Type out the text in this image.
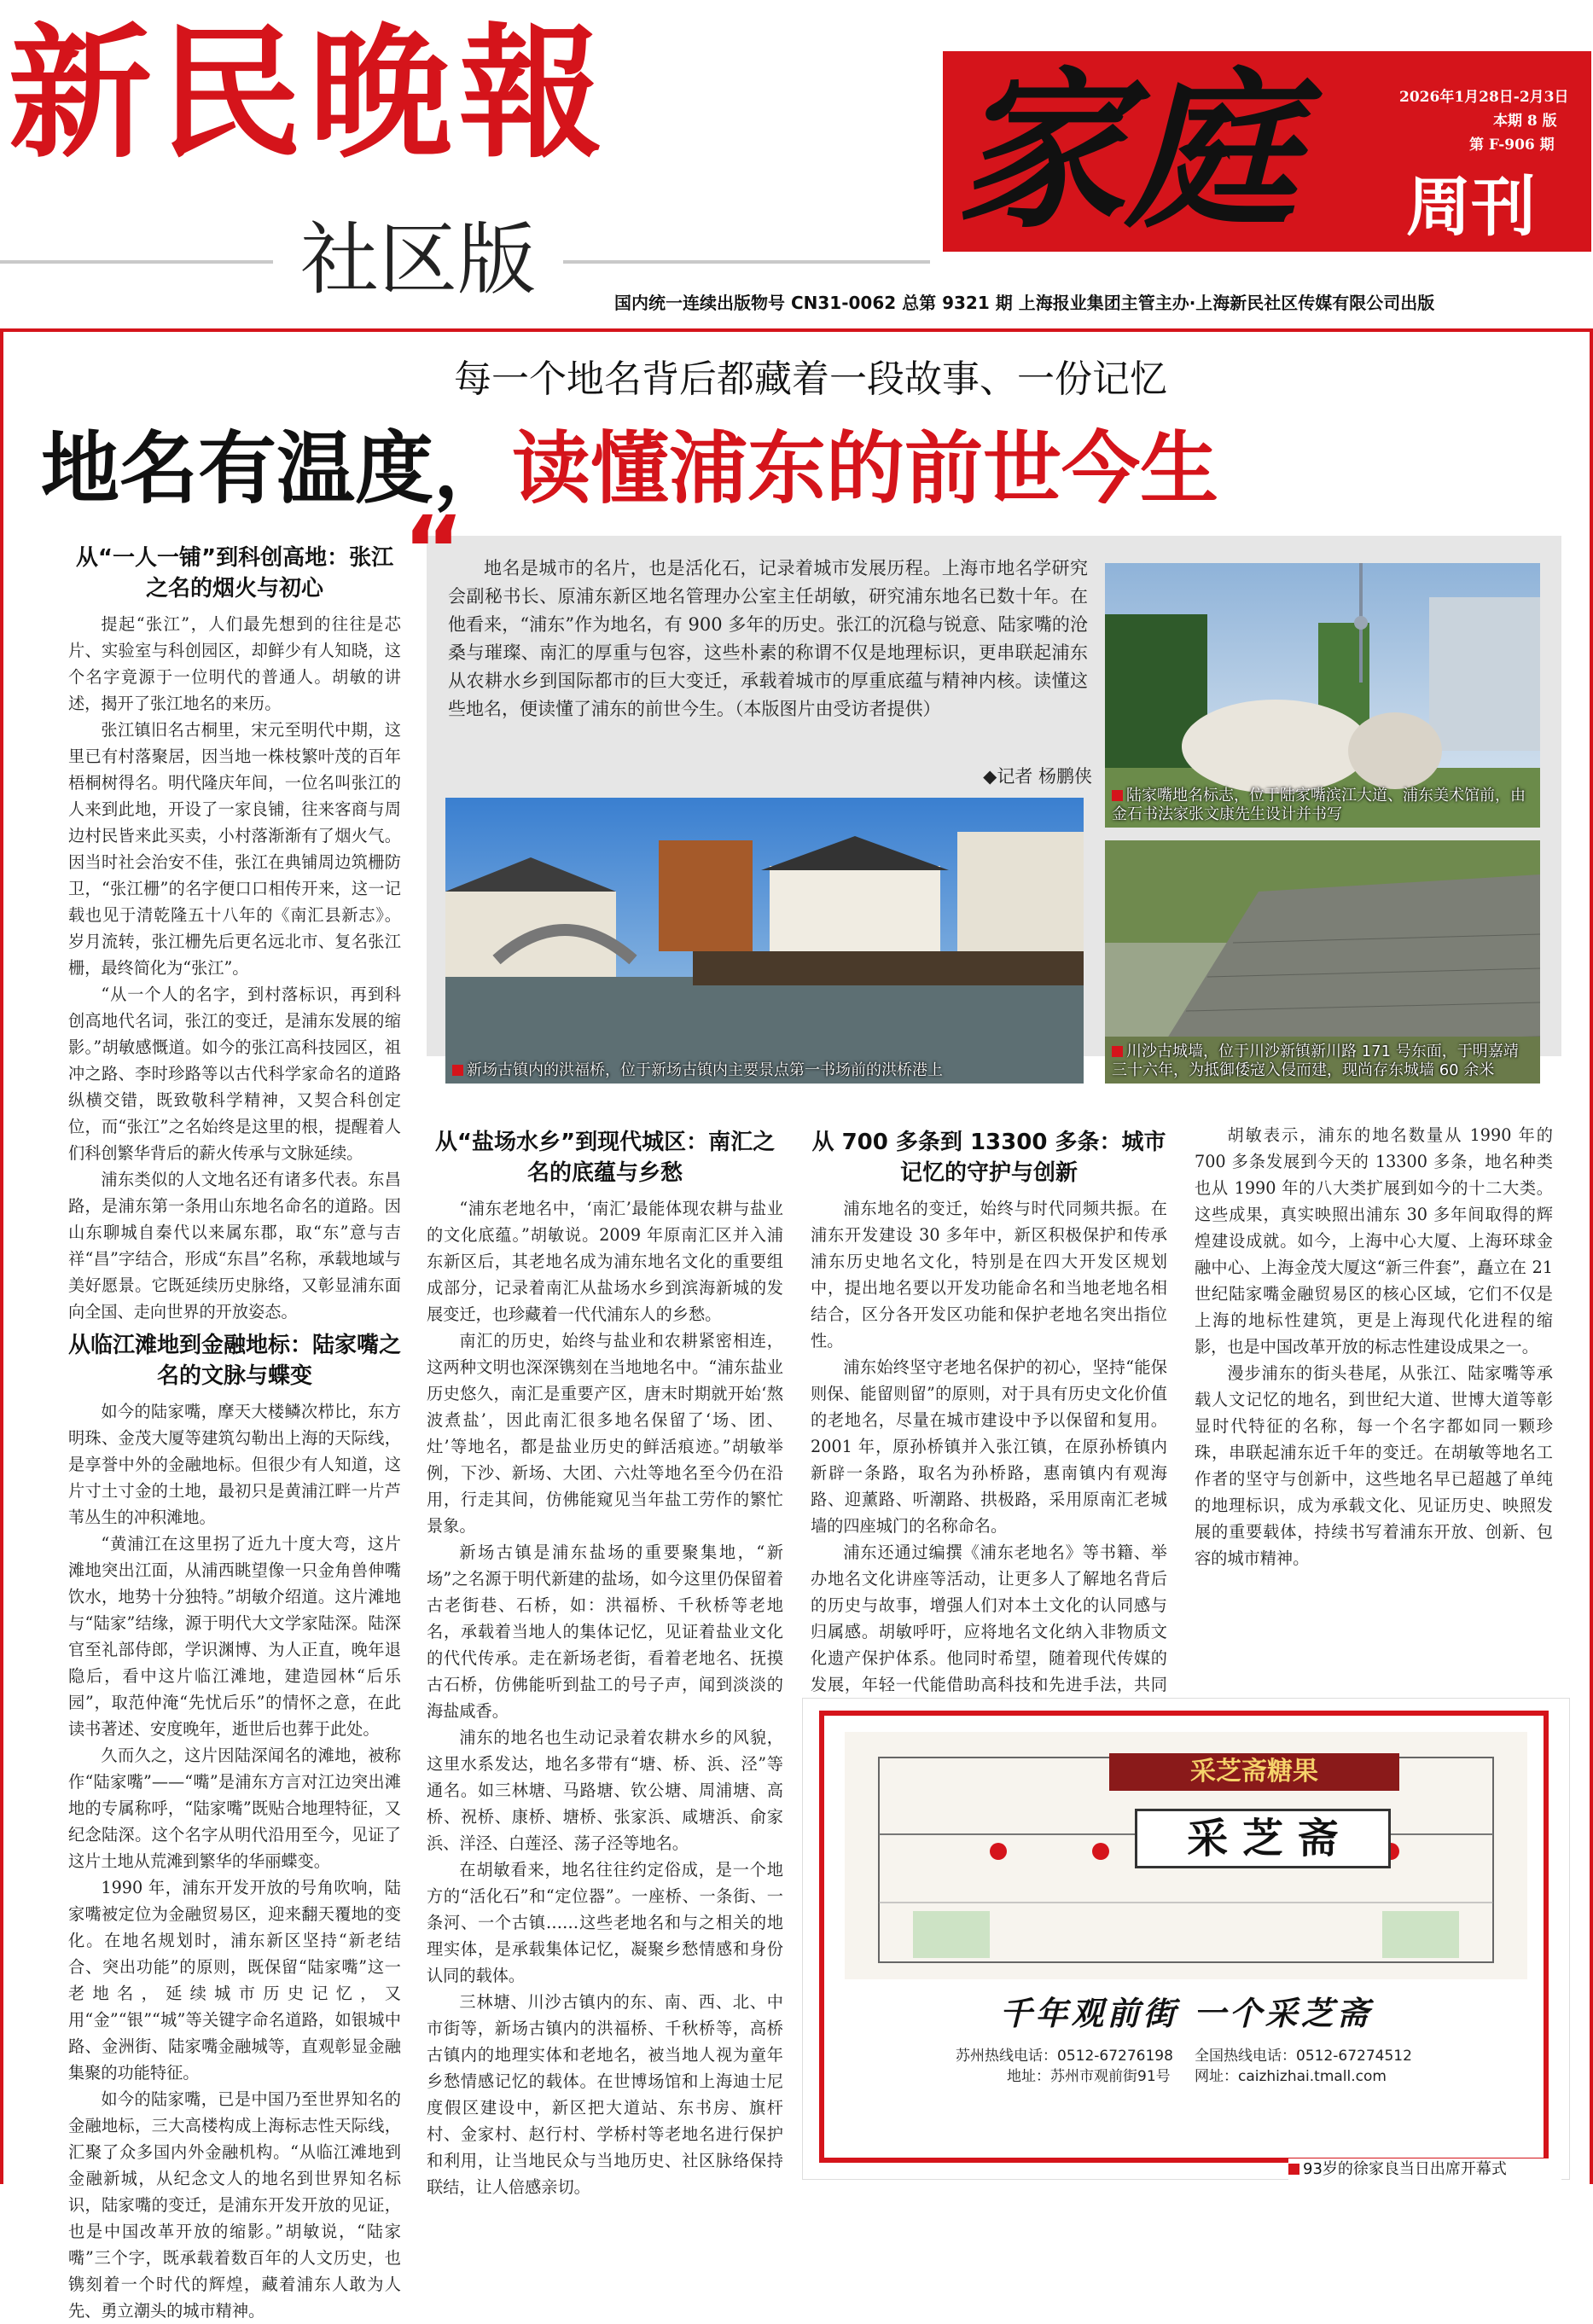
新民晚報
社区版
家庭	周刊
2026年1月28日-2月3日
本期 8 版
第 F-906 期
国内统一连续出版物号 CN31-0062 总第 9321 期 上海报业集团主管主办·上海新民社区传媒有限公司出版
每一个地名背后都藏着一段故事、一份记忆
地名有温度，读懂浦东的前世今生
“	地名是城市的名片，也是活化石，记录着城市发展历程。上海市地名学研究会副秘书长、原浦东新区地名管理办公室主任胡敏，研究浦东地名已数十年。在他看来，“浦东”作为地名，有 900 多年的历史。张江的沉稳与锐意、陆家嘴的沧桑与璀璨、南汇的厚重与包容，这些朴素的称谓不仅是地理标识，更串联起浦东从农耕水乡到国际都市的巨大变迁，承载着城市的厚重底蕴与精神内核。读懂这些地名，便读懂了浦东的前世今生。（本版图片由受访者提供）
◆记者 杨鹏侠
陆家嘴地名标志，位于陆家嘴滨江大道、浦东美术馆前，由金石书法家张文康先生设计并书写
新场古镇内的洪福桥，位于新场古镇内主要景点第一书场前的洪桥港上
川沙古城墙，位于川沙新镇新川路 171 号东面，于明嘉靖三十六年，为抵御倭寇入侵而建，现尚存东城墙 60 余米
从“一人一铺”到科创高地：张江之名的烟火与初心

提起“张江”，人们最先想到的往往是芯片、实验室与科创园区，却鲜少有人知晓，这个名字竟源于一位明代的普通人。胡敏的讲述，揭开了张江地名的来历。

张江镇旧名古桐里，宋元至明代中期，这里已有村落聚居，因当地一株枝繁叶茂的百年梧桐树得名。明代隆庆年间，一位名叫张江的人来到此地，开设了一家良铺，往来客商与周边村民皆来此买卖，小村落渐渐有了烟火气。因当时社会治安不佳，张江在典铺周边筑栅防卫，“张江栅”的名字便口口相传开来，这一记载也见于清乾隆五十八年的《南汇县新志》。岁月流转，张江栅先后更名远北市、复名张江栅，最终简化为“张江”。

“从一个人的名字，到村落标识，再到科创高地代名词，张江的变迁，是浦东发展的缩影。”胡敏感慨道。如今的张江高科技园区，祖冲之路、李时珍路等以古代科学家命名的道路纵横交错，既致敬科学精神，又契合科创定位，而“张江”之名始终是这里的根，提醒着人们科创繁华背后的薪火传承与文脉延续。

浦东类似的人文地名还有诸多代表。东昌路，是浦东第一条用山东地名命名的道路。因山东聊城自秦代以来属东郡，取“东”意与吉祥“昌”字结合，形成“东昌”名称，承载地域与美好愿景。它既延续历史脉络，又彰显浦东面向全国、走向世界的开放姿态。

从临江滩地到金融地标：陆家嘴之名的文脉与蝶变

如今的陆家嘴，摩天大楼鳞次栉比，东方明珠、金茂大厦等建筑勾勒出上海的天际线，是享誉中外的金融地标。但很少有人知道，这片寸土寸金的土地，最初只是黄浦江畔一片芦苇丛生的冲积滩地。

“黄浦江在这里拐了近九十度大弯，这片滩地突出江面，从浦西眺望像一只金角兽伸嘴饮水，地势十分独特。”胡敏介绍道。这片滩地与“陆家”结缘，源于明代大文学家陆深。陆深官至礼部侍郎，学识渊博、为人正直，晚年退隐后，看中这片临江滩地，建造园林“后乐园”，取范仲淹“先忧后乐”的情怀之意，在此读书著述、安度晚年，逝世后也葬于此处。

久而久之，这片因陆深闻名的滩地，被称作“陆家嘴”——“嘴”是浦东方言对江边突出滩地的专属称呼，“陆家嘴”既贴合地理特征，又纪念陆深。这个名字从明代沿用至今，见证了这片土地从荒滩到繁华的华丽蝶变。

1990 年，浦东开发开放的号角吹响，陆家嘴被定位为金融贸易区，迎来翻天覆地的变化。在地名规划时，浦东新区坚持“新老结合、突出功能”的原则，既保留“陆家嘴”这一老地名，延续城市历史记忆，又用“金”“银”“城”等关键字命名道路，如银城中路、金洲街、陆家嘴金融城等，直观彰显金融集聚的功能特征。

如今的陆家嘴，已是中国乃至世界知名的金融地标，三大高楼构成上海标志性天际线，汇聚了众多国内外金融机构。“从临江滩地到金融新城，从纪念文人的地名到世界知名标识，陆家嘴的变迁，是浦东开发开放的见证，也是中国改革开放的缩影。”胡敏说，“陆家嘴”三个字，既承载着数百年的人文历史，也镌刻着一个时代的辉煌，藏着浦东人敢为人先、勇立潮头的城市精神。

从“盐场水乡”到现代城区：南汇之名的底蕴与乡愁

“浦东老地名中，‘南汇’最能体现农耕与盐业的文化底蕴。”胡敏说。2009 年原南汇区并入浦东新区后，其老地名成为浦东地名文化的重要组成部分，记录着南汇从盐场水乡到滨海新城的发展变迁，也珍藏着一代代浦东人的乡愁。

南汇的历史，始终与盐业和农耕紧密相连，这两种文明也深深镌刻在当地地名中。“浦东盐业历史悠久，南汇是重要产区，唐末时期就开始‘熬波煮盐’，因此南汇很多地名保留了‘场、团、灶’等地名，都是盐业历史的鲜活痕迹。”胡敏举例，下沙、新场、大团、六灶等地名至今仍在沿用，行走其间，仿佛能窥见当年盐工劳作的繁忙景象。

新场古镇是浦东盐场的重要聚集地，“新场”之名源于明代新建的盐场，如今这里仍保留着古老街巷、石桥，如：洪福桥、千秋桥等老地名，承载着当地人的集体记忆，见证着盐业文化的代代传承。走在新场老街，看着老地名、抚摸古石桥，仿佛能听到盐工的号子声，闻到淡淡的海盐咸香。

浦东的地名也生动记录着农耕水乡的风貌，这里水系发达，地名多带有“塘、桥、浜、泾”等通名。如三林塘、马路塘、钦公塘、周浦塘、高桥、祝桥、康桥、塘桥、张家浜、咸塘浜、俞家浜、洋泾、白莲泾、荡子泾等地名。

在胡敏看来，地名往往约定俗成，是一个地方的“活化石”和“定位器”。一座桥、一条街、一条河、一个古镇……这些老地名和与之相关的地理实体，是承载集体记忆，凝聚乡愁情感和身份认同的载体。

三林塘、川沙古镇内的东、南、西、北、中市街等，新场古镇内的洪福桥、千秋桥等，高桥古镇内的地理实体和老地名，被当地人视为童年乡愁情感记忆的载体。在世博场馆和上海迪士尼度假区建设中，新区把大道站、东书房、旗杆村、金家村、赵行村、学桥村等老地名进行保护和利用，让当地民众与当地历史、社区脉络保持联结，让人倍感亲切。

从 700 多条到 13300 多条：城市记忆的守护与创新

浦东地名的变迁，始终与时代同频共振。在浦东开发建设 30 多年中，新区积极保护和传承浦东历史地名文化，特别是在四大开发区规划中，提出地名要以开发功能命名和当地老地名相结合，区分各开发区功能和保护老地名突出指位性。

浦东始终坚守老地名保护的初心，坚持“能保则保、能留则留”的原则，对于具有历史文化价值的老地名，尽量在城市建设中予以保留和复用。2001 年，原孙桥镇并入张江镇，在原孙桥镇内新辟一条路，取名为孙桥路，惠南镇内有观海路、迎薰路、听潮路、拱极路，采用原南汇老城墙的四座城门的名称命名。

浦东还通过编撰《浦东老地名》等书籍、举办地名文化讲座等活动，让更多人了解地名背后的历史与故事，增强人们对本土文化的认同感与归属感。胡敏呼吁，应将地名文化纳入非物质文化遗产保护体系。他同时希望，随着现代传媒的发展，年轻一代能借助高科技和先进手法，共同

胡敏表示，浦东的地名数量从 1990 年的 700 多条发展到今天的 13300 多条，地名种类也从 1990 年的八大类扩展到如今的十二大类。这些成果，真实映照出浦东 30 多年间取得的辉煌建设成就。如今，上海中心大厦、上海环球金融中心、上海金茂大厦这“新三件套”，矗立在 21 世纪陆家嘴金融贸易区的核心区域，它们不仅是上海的地标性建筑，更是上海现代化进程的缩影，也是中国改革开放的标志性建设成果之一。

漫步浦东的街头巷尾，从张江、陆家嘴等承载人文记忆的地名，到世纪大道、世博大道等彰显时代特征的名称，每一个名字都如同一颗珍珠，串联起浦东近千年的变迁。在胡敏等地名工作者的坚守与创新中，这些地名早已超越了单纯的地理标识，成为承载文化、见证历史、映照发展的重要载体，持续书写着浦东开放、创新、包容的城市精神。

采芝斋糖果
采 芝 斋
千年观前街 一个采芝斋
苏州热线电话：0512-67276198
地址：苏州市观前街91号
全国热线电话：0512-67274512
网址：caizhizhai.tmall.com
93岁的徐家良当日出席开幕式
